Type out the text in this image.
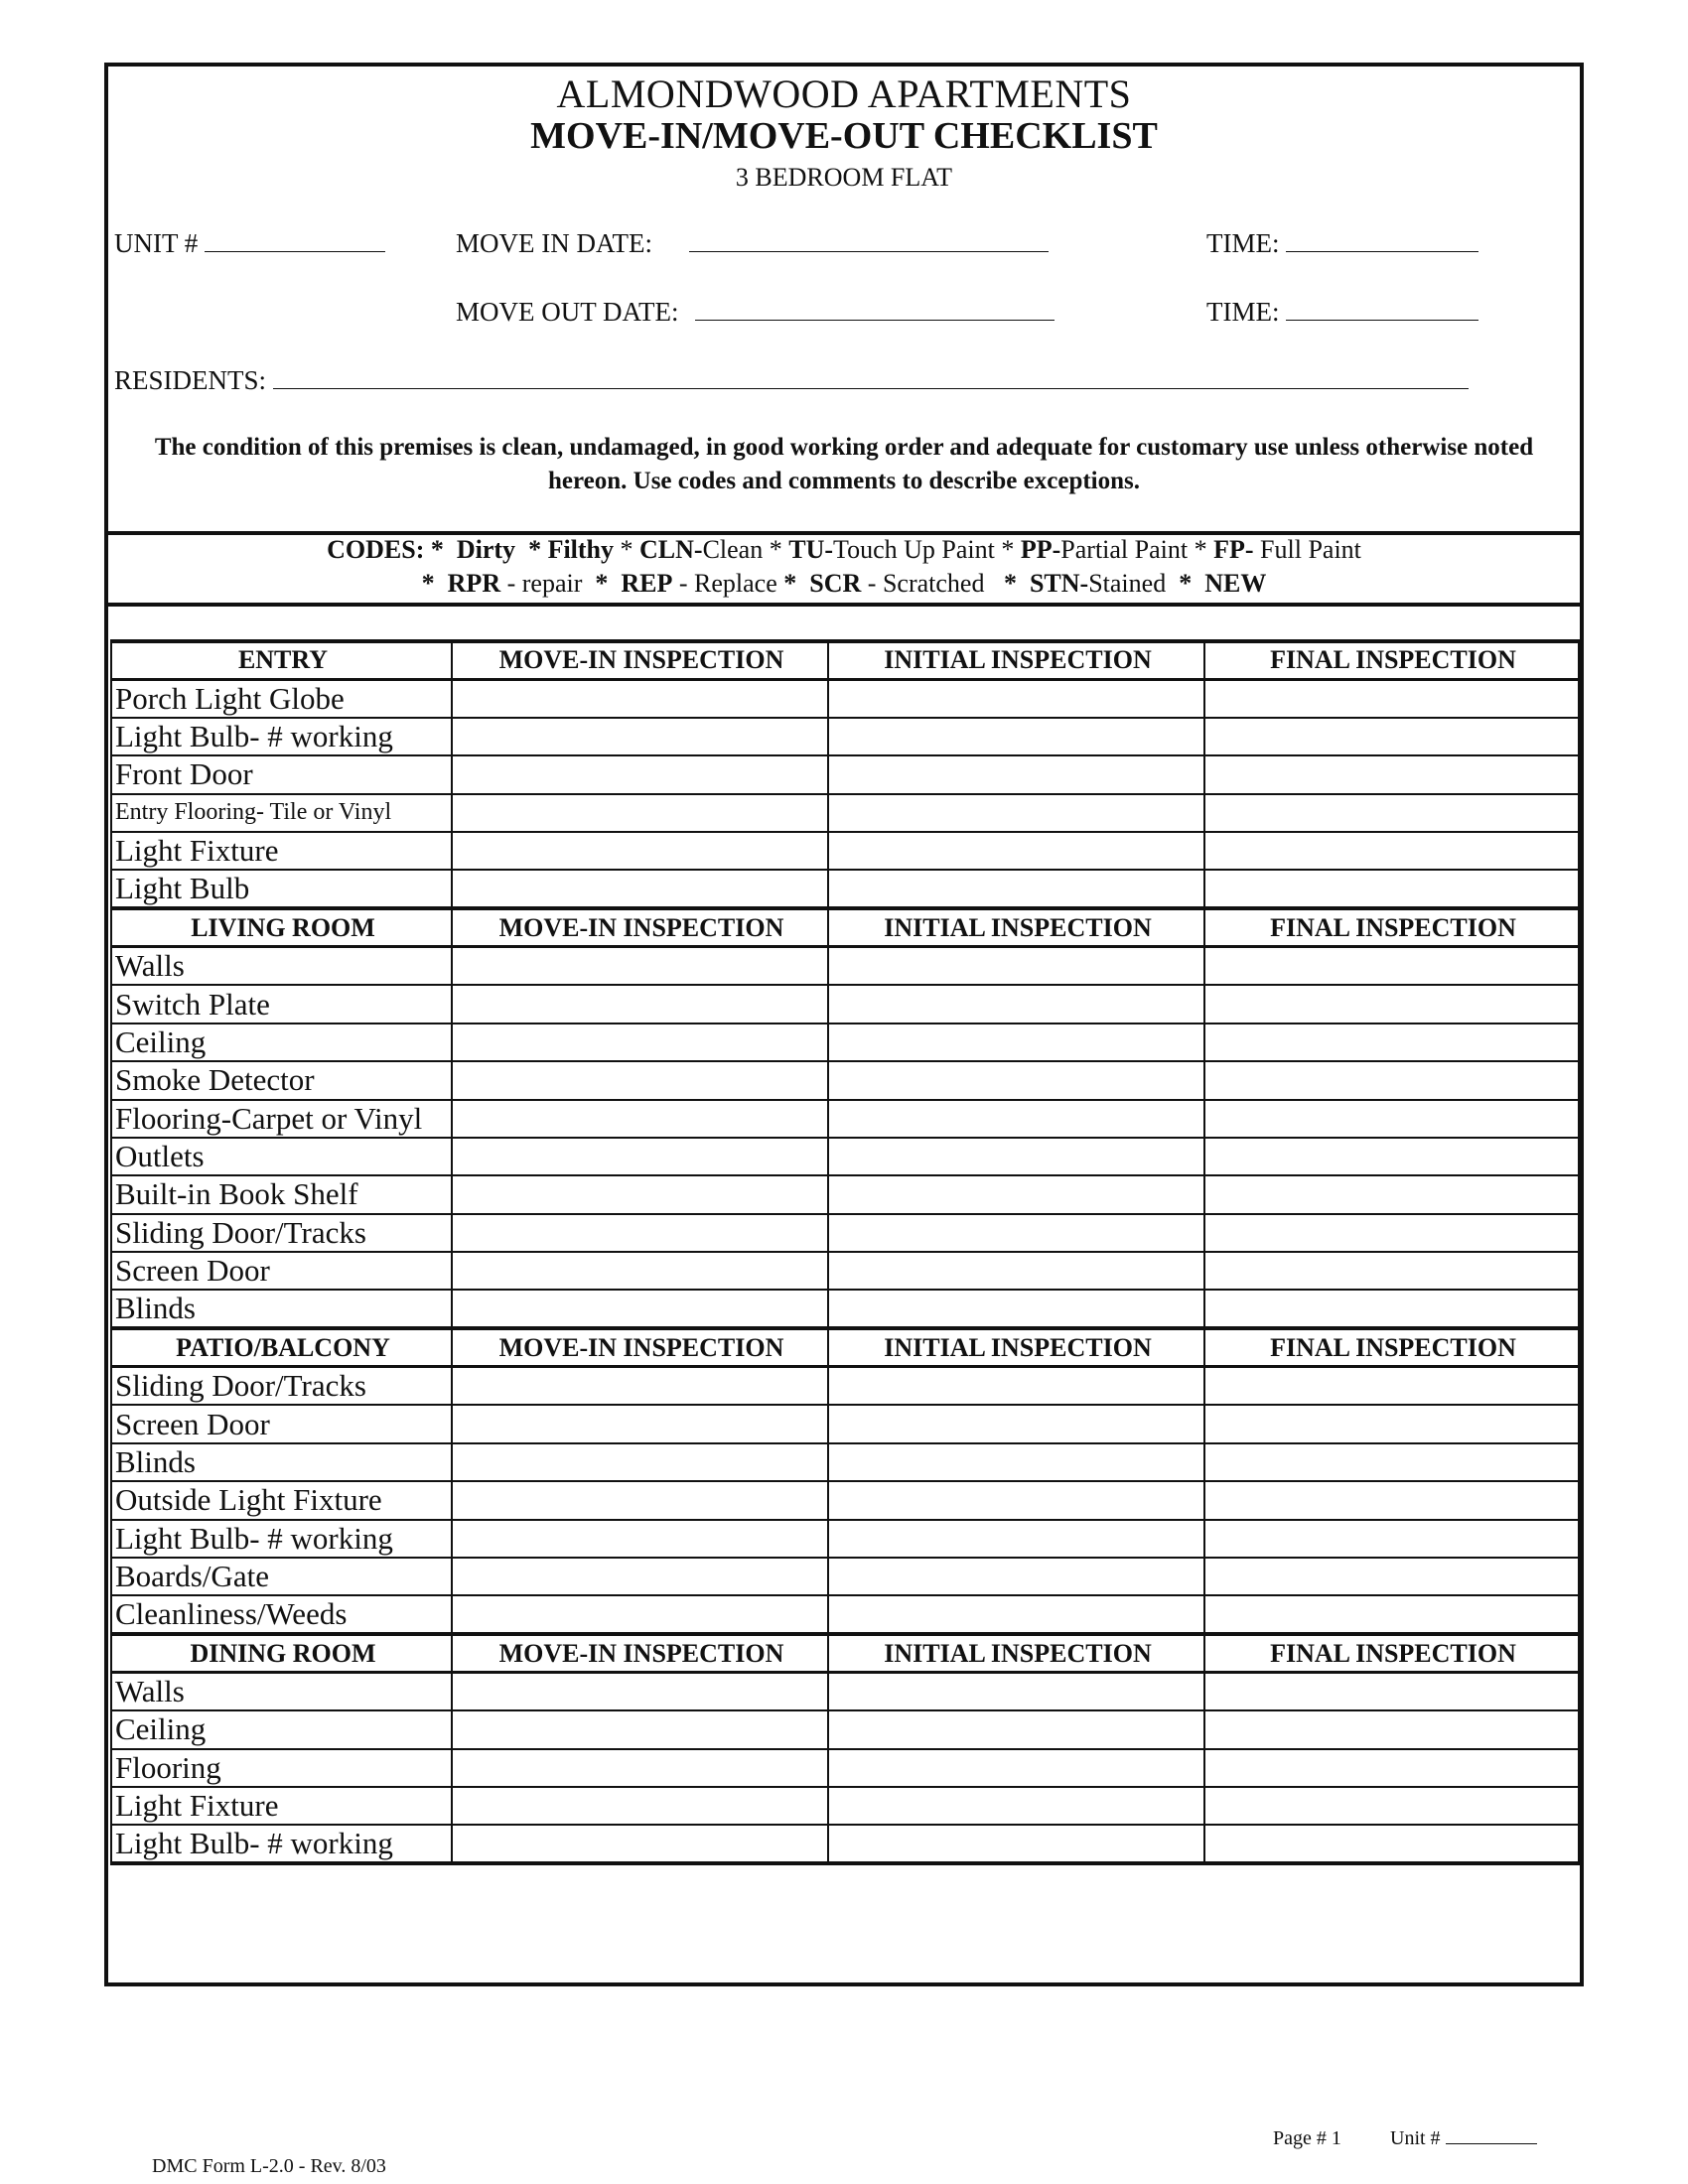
ALMONDWOOD APARTMENTS
MOVE-IN/MOVE-OUT CHECKLIST
3 BEDROOM FLAT
UNIT #	MOVE IN DATE:	TIME:
MOVE OUT DATE:	TIME:
RESIDENTS:
The condition of this premises is clean, undamaged, in good working order and adequate for customary use unless otherwise noted hereon. Use codes and comments to describe exceptions.
CODES: * Dirty * Filthy * CLN-Clean * TU-Touch Up Paint * PP-Partial Paint * FP- Full Paint
* RPR - repair * REP - Replace * SCR - Scratched * STN-Stained * NEW
ENTRY	MOVE-IN INSPECTION	INITIAL INSPECTION	FINAL INSPECTION
Porch Light Globe			
Light Bulb- # working			
Front Door			
Entry Flooring- Tile or Vinyl			
Light Fixture			
Light Bulb			
LIVING ROOM	MOVE-IN INSPECTION	INITIAL INSPECTION	FINAL INSPECTION
Walls			
Switch Plate			
Ceiling			
Smoke Detector			
Flooring-Carpet or Vinyl			
Outlets			
Built-in Book Shelf			
Sliding Door/Tracks			
Screen Door			
Blinds			
PATIO/BALCONY	MOVE-IN INSPECTION	INITIAL INSPECTION	FINAL INSPECTION
Sliding Door/Tracks			
Screen Door			
Blinds			
Outside Light Fixture			
Light Bulb- # working			
Boards/Gate			
Cleanliness/Weeds			
DINING ROOM	MOVE-IN INSPECTION	INITIAL INSPECTION	FINAL INSPECTION
Walls			
Ceiling			
Flooring			
Light Fixture			
Light Bulb- # working			
Page # 1 Unit #
DMC Form L-2.0 - Rev. 8/03
